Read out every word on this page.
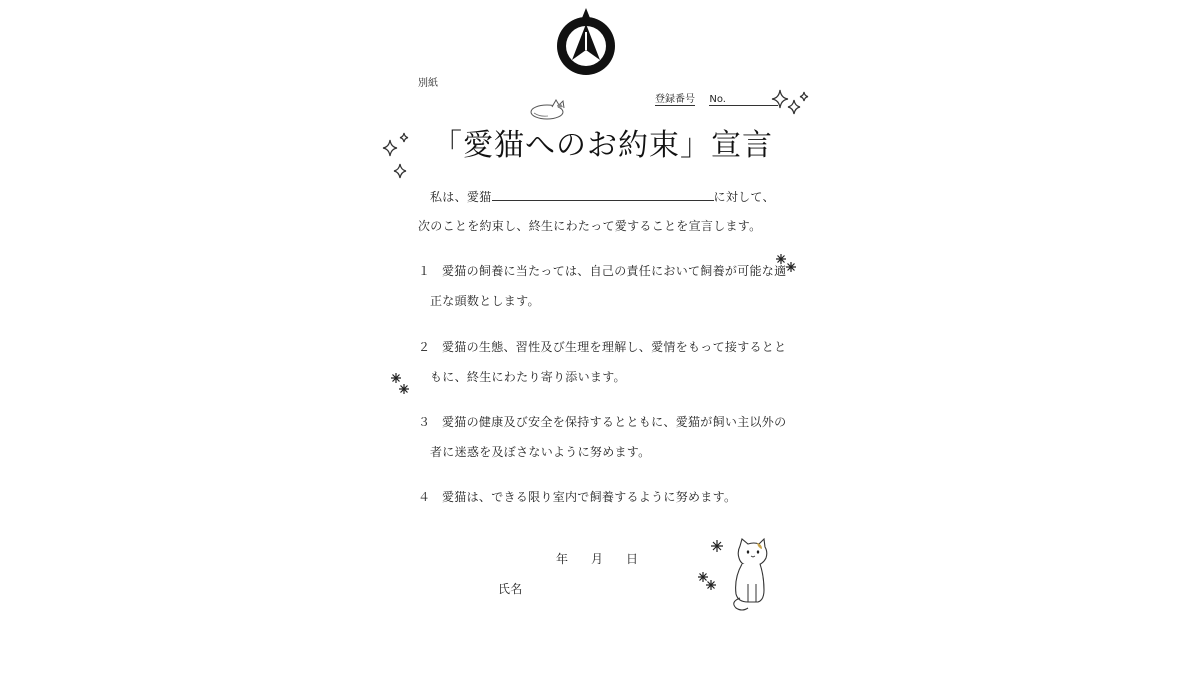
別紙
登録番号 No.
「愛猫へのお約束」宣言
私は、愛猫	に対して、
次のことを約束し、終生にわたって愛することを宣言します。
１ 愛猫の飼養に当たっては、自己の責任において飼養が可能な適
正な頭数とします。
２ 愛猫の生態、習性及び生理を理解し、愛情をもって接するとと
もに、終生にわたり寄り添います。
３ 愛猫の健康及び安全を保持するとともに、愛猫が飼い主以外の
者に迷惑を及ぼさないように努めます。
４ 愛猫は、できる限り室内で飼養するように努めます。
年 月 日
氏名
